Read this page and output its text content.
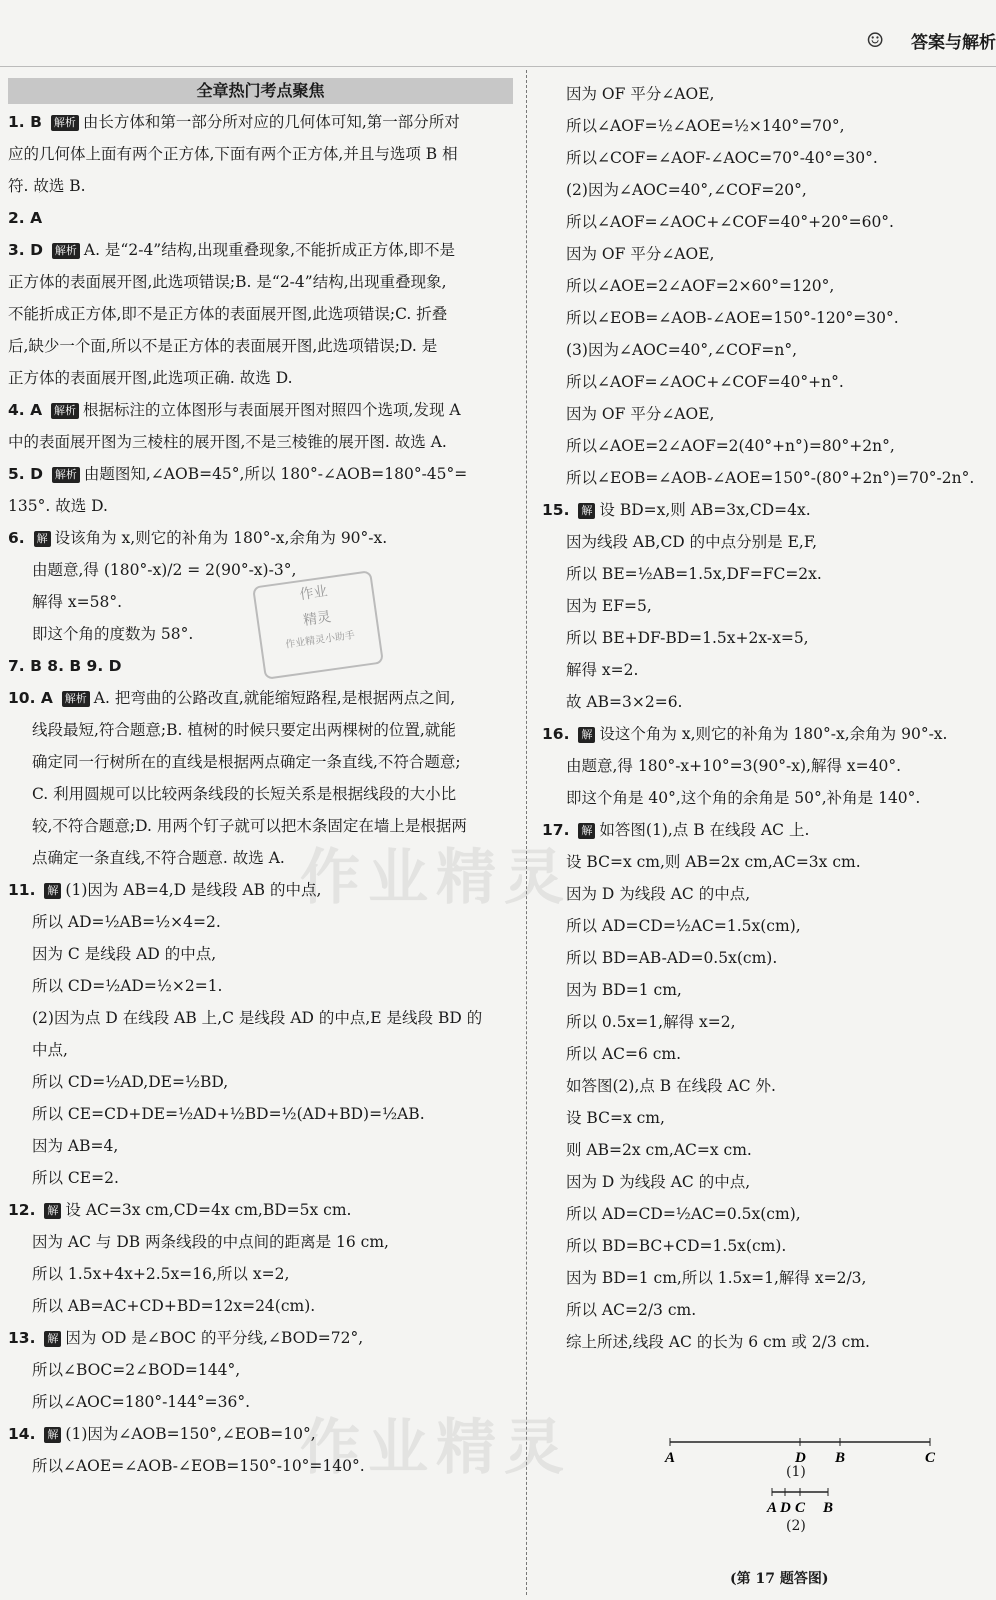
☺ 答案与解析
作业精灵
作业精灵
作业
精灵
作业精灵小助手
全章热门考点聚焦
1. B 解析 由长方体和第一部分所对应的几何体可知,第一部分所对
应的几何体上面有两个正方体,下面有两个正方体,并且与选项 B 相
符. 故选 B.
2. A
3. D 解析 A. 是“2-4”结构,出现重叠现象,不能折成正方体,即不是
正方体的表面展开图,此选项错误;B. 是“2-4”结构,出现重叠现象,
不能折成正方体,即不是正方体的表面展开图,此选项错误;C. 折叠
后,缺少一个面,所以不是正方体的表面展开图,此选项错误;D. 是
正方体的表面展开图,此选项正确. 故选 D.
4. A 解析 根据标注的立体图形与表面展开图对照四个选项,发现 A
中的表面展开图为三棱柱的展开图,不是三棱锥的展开图. 故选 A.
5. D 解析 由题图知,∠AOB=45°,所以 180°-∠AOB=180°-45°=
135°. 故选 D.
6. 解 设该角为 x,则它的补角为 180°-x,余角为 90°-x.
由题意,得 (180°-x)/2 = 2(90°-x)-3°,
解得 x=58°.
即这个角的度数为 58°.
7. B 8. B 9. D
10. A 解析 A. 把弯曲的公路改直,就能缩短路程,是根据两点之间,
线段最短,符合题意;B. 植树的时候只要定出两棵树的位置,就能
确定同一行树所在的直线是根据两点确定一条直线,不符合题意;
C. 利用圆规可以比较两条线段的长短关系是根据线段的大小比
较,不符合题意;D. 用两个钉子就可以把木条固定在墙上是根据两
点确定一条直线,不符合题意. 故选 A.
11. 解 (1)因为 AB=4,D 是线段 AB 的中点,
所以 AD=½AB=½×4=2.
因为 C 是线段 AD 的中点,
所以 CD=½AD=½×2=1.
(2)因为点 D 在线段 AB 上,C 是线段 AD 的中点,E 是线段 BD 的
中点,
所以 CD=½AD,DE=½BD,
所以 CE=CD+DE=½AD+½BD=½(AD+BD)=½AB.
因为 AB=4,
所以 CE=2.
12. 解 设 AC=3x cm,CD=4x cm,BD=5x cm.
因为 AC 与 DB 两条线段的中点间的距离是 16 cm,
所以 1.5x+4x+2.5x=16,所以 x=2,
所以 AB=AC+CD+BD=12x=24(cm).
13. 解 因为 OD 是∠BOC 的平分线,∠BOD=72°,
所以∠BOC=2∠BOD=144°,
所以∠AOC=180°-144°=36°.
14. 解 (1)因为∠AOB=150°,∠EOB=10°,
所以∠AOE=∠AOB-∠EOB=150°-10°=140°.
因为 OF 平分∠AOE,
所以∠AOF=½∠AOE=½×140°=70°,
所以∠COF=∠AOF-∠AOC=70°-40°=30°.
(2)因为∠AOC=40°,∠COF=20°,
所以∠AOF=∠AOC+∠COF=40°+20°=60°.
因为 OF 平分∠AOE,
所以∠AOE=2∠AOF=2×60°=120°,
所以∠EOB=∠AOB-∠AOE=150°-120°=30°.
(3)因为∠AOC=40°,∠COF=n°,
所以∠AOF=∠AOC+∠COF=40°+n°.
因为 OF 平分∠AOE,
所以∠AOE=2∠AOF=2(40°+n°)=80°+2n°,
所以∠EOB=∠AOB-∠AOE=150°-(80°+2n°)=70°-2n°.
15. 解 设 BD=x,则 AB=3x,CD=4x.
因为线段 AB,CD 的中点分别是 E,F,
所以 BE=½AB=1.5x,DF=FC=2x.
因为 EF=5,
所以 BE+DF-BD=1.5x+2x-x=5,
解得 x=2.
故 AB=3×2=6.
16. 解 设这个角为 x,则它的补角为 180°-x,余角为 90°-x.
由题意,得 180°-x+10°=3(90°-x),解得 x=40°.
即这个角是 40°,这个角的余角是 50°,补角是 140°.
17. 解 如答图(1),点 B 在线段 AC 上.
设 BC=x cm,则 AB=2x cm,AC=3x cm.
因为 D 为线段 AC 的中点,
所以 AD=CD=½AC=1.5x(cm),
所以 BD=AB-AD=0.5x(cm).
因为 BD=1 cm,
所以 0.5x=1,解得 x=2,
所以 AC=6 cm.
如答图(2),点 B 在线段 AC 外.
设 BC=x cm,
则 AB=2x cm,AC=x cm.
因为 D 为线段 AC 的中点,
所以 AD=CD=½AC=0.5x(cm),
所以 BD=BC+CD=1.5x(cm).
因为 BD=1 cm,所以 1.5x=1,解得 x=2/3,
所以 AC=2/3 cm.
综上所述,线段 AC 的长为 6 cm 或 2/3 cm.
A	D B	C
A D C B
(1)
(2)
(第 17 题答图)
